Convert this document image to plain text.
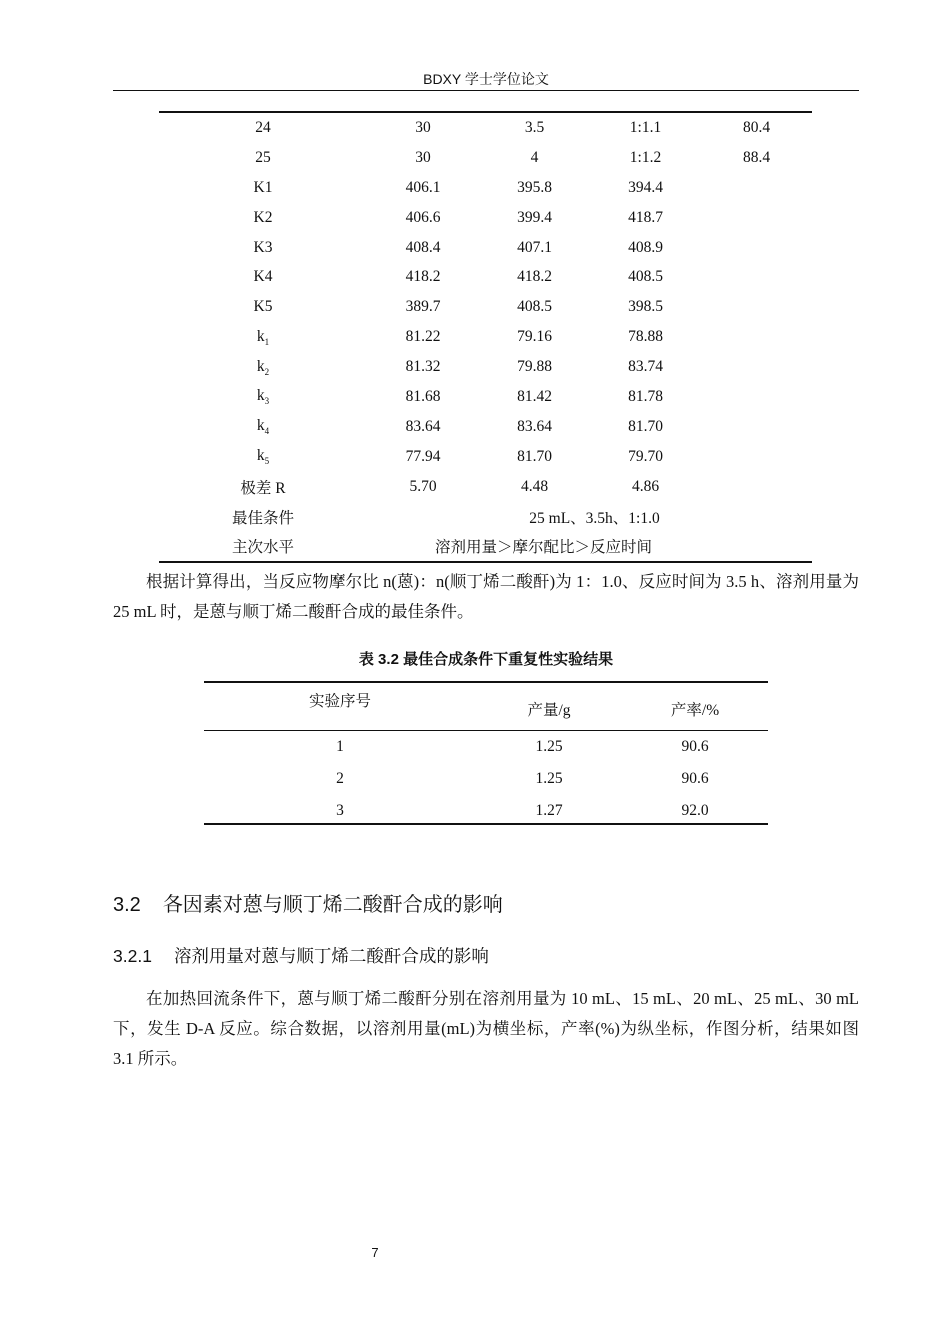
BDXY 学士学位论文
24	30	3.5	1:1.1	80.4
25	30	4	1:1.2	88.4
K1	406.1	395.8	394.4	
K2	406.6	399.4	418.7	
K3	408.4	407.1	408.9	
K4	418.2	418.2	408.5	
K5	389.7	408.5	398.5	
$k_1$	81.22	79.16	78.88	
$k_2$	81.32	79.88	83.74	
$k_3$	81.68	81.42	81.78	
$k_4$	83.64	83.64	81.70	
$k_5$	77.94	81.70	79.70	
极差 R	5.70	4.48	4.86	
最佳条件	25 mL、3.5h、1:1.0			
主次水平	溶剂用量＞摩尔配比＞反应时间			

根据计算得出，当反应物摩尔比 n(蒽)：n(顺丁烯二酸酐)为 1：1.0、反应时间为 3.5 h、溶剂用量为 25 mL 时，是蒽与顺丁烯二酸酐合成的最佳条件。

表 3.2 最佳合成条件下重复性实验结果
实验序号	产量/g	产率/%
1	1.25	90.6
2	1.25	90.6
3	1.27	92.0
3.2 各因素对蒽与顺丁烯二酸酐合成的影响
3.2.1 溶剂用量对蒽与顺丁烯二酸酐合成的影响

在加热回流条件下，蒽与顺丁烯二酸酐分别在溶剂用量为 10 mL、15 mL、20 mL、25 mL、30 mL 下，发生 D-A 反应。综合数据，以溶剂用量(mL)为横坐标，产率(%)为纵坐标，作图分析，结果如图 3.1 所示。

7
